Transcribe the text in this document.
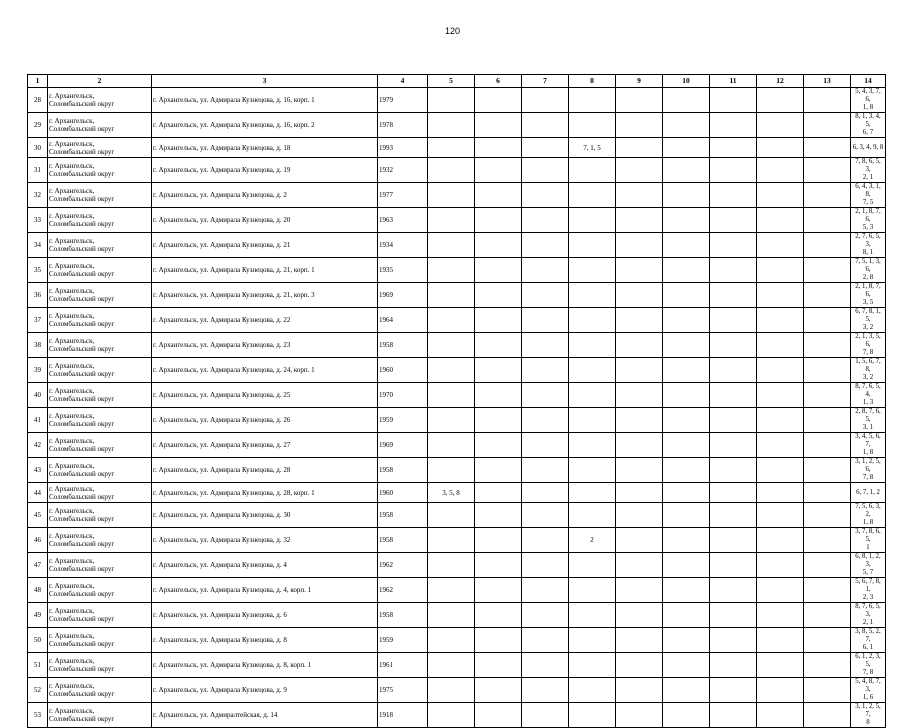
120
1	2	3	4	5	6	7	8	9	10	11	12	13	14
28	г. Архангельск,
Соломбальский округ	г. Архангельск, ул. Адмирала Кузнецова, д. 16, корп. 1	1979										5, 4, 3, 7, 6,
1, 8
29	г. Архангельск,
Соломбальский округ	г. Архангельск, ул. Адмирала Кузнецова, д. 16, корп. 2	1978										8, 1, 3, 4, 5,
6, 7
30	г. Архангельск,
Соломбальский округ	г. Архангельск, ул. Адмирала Кузнецова, д. 18	1993				7, 1, 5						6, 3, 4, 9, 8

31	г. Архангельск,
Соломбальский округ	г. Архангельск, ул. Адмирала Кузнецова, д. 19	1932										7, 8, 6, 5, 3,
2, 1
32	г. Архангельск,
Соломбальский округ	г. Архангельск, ул. Адмирала Кузнецова, д. 2	1977										6, 4, 3, 1, 8,
7, 5
33	г. Архангельск,
Соломбальский округ	г. Архангельск, ул. Адмирала Кузнецова, д. 20	1963										2, 1, 8, 7, 6,
5, 3
34	г. Архангельск,
Соломбальский округ	г. Архангельск, ул. Адмирала Кузнецова, д. 21	1934										2, 7, 6, 5, 3,
8, 1
35	г. Архангельск,
Соломбальский округ	г. Архангельск, ул. Адмирала Кузнецова, д. 21, корп. 1	1935										7, 5, 1, 3, 6,
2, 8
36	г. Архангельск,
Соломбальский округ	г. Архангельск, ул. Адмирала Кузнецова, д. 21, корп. 3	1969										2, 1, 8, 7, 6,
3, 5
37	г. Архангельск,
Соломбальский округ	г. Архангельск, ул. Адмирала Кузнецова, д. 22	1964										6, 7, 8, 1, 5,
3, 2
38	г. Архангельск,
Соломбальский округ	г. Архангельск, ул. Адмирала Кузнецова, д. 23	1958										2, 1, 3, 5, 6,
7, 8
39	г. Архангельск,
Соломбальский округ	г. Архангельск, ул. Адмирала Кузнецова, д. 24, корп. 1	1960										1, 5, 6, 7, 8,
3, 2
40	г. Архангельск,
Соломбальский округ	г. Архангельск, ул. Адмирала Кузнецова, д. 25	1970										8, 7, 6, 5, 4,
1, 3
41	г. Архангельск,
Соломбальский округ	г. Архангельск, ул. Адмирала Кузнецова, д. 26	1959										2, 8, 7, 6, 5,
3, 1
42	г. Архангельск,
Соломбальский округ	г. Архангельск, ул. Адмирала Кузнецова, д. 27	1969										3, 4, 5, 6, 7,
1, 8
43	г. Архангельск,
Соломбальский округ	г. Архангельск, ул. Адмирала Кузнецова, д. 28	1958										3, 1, 2, 5, 6,
7, 8
44	г. Архангельск,
Соломбальский округ	г. Архангельск, ул. Адмирала Кузнецова, д. 28, корп. 1	1960	3, 5, 8									6, 7, 1, 2

45	г. Архангельск,
Соломбальский округ	г. Архангельск, ул. Адмирала Кузнецова, д. 30	1958										7, 5, 6, 3, 2,
1, 8
46	г. Архангельск,
Соломбальский округ	г. Архангельск, ул. Адмирала Кузнецова, д. 32	1958				2						3, 7, 8, 6, 5,
1
47	г. Архангельск,
Соломбальский округ	г. Архангельск, ул. Адмирала Кузнецова, д. 4	1962										6, 8, 1, 2, 3,
5, 7
48	г. Архангельск,
Соломбальский округ	г. Архангельск, ул. Адмирала Кузнецова, д. 4, корп. 1	1962										5, 6, 7, 8, 1,
2, 3
49	г. Архангельск,
Соломбальский округ	г. Архангельск, ул. Адмирала Кузнецова, д. 6	1958										8, 7, 6, 5, 3,
2, 1
50	г. Архангельск,
Соломбальский округ	г. Архангельск, ул. Адмирала Кузнецова, д. 8	1959										3, 8, 5, 2, 7,
6, 1
51	г. Архангельск,
Соломбальский округ	г. Архангельск, ул. Адмирала Кузнецова, д. 8, корп. 1	1961										6, 1, 2, 3, 5,
7, 8
52	г. Архангельск,
Соломбальский округ	г. Архангельск, ул. Адмирала Кузнецова, д. 9	1975										5, 4, 8, 7, 3,
1, 6
53	г. Архангельск,
Соломбальский округ	г. Архангельск, ул. Адмиралтейская, д. 14	1918										3, 1, 2, 5, 7,
8
